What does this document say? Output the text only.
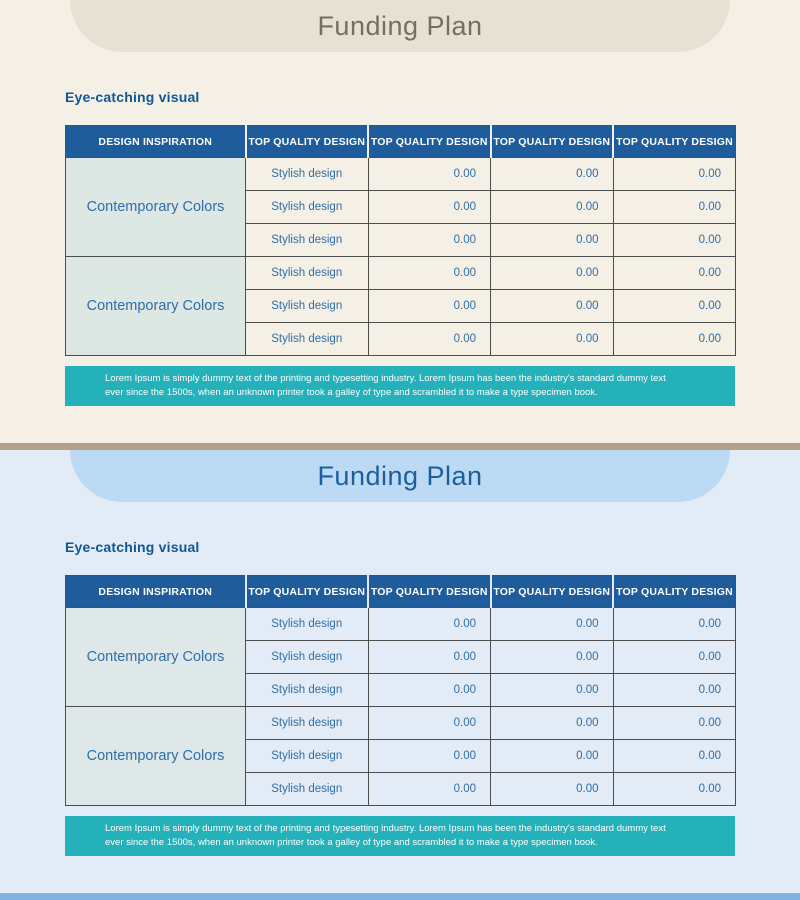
Funding Plan
Eye-catching visual
DESIGN INSPIRATION	TOP QUALITY DESIGN	TOP QUALITY DESIGN	TOP QUALITY DESIGN	TOP QUALITY DESIGN
Contemporary Colors	Stylish design	0.00	0.00	0.00
	Stylish design	0.00	0.00	0.00
	Stylish design	0.00	0.00	0.00
Contemporary Colors	Stylish design	0.00	0.00	0.00
	Stylish design	0.00	0.00	0.00
	Stylish design	0.00	0.00	0.00
Lorem Ipsum is simply dummy text of the printing and typesetting industry. Lorem Ipsum has been the industry's standard dummy text ever since the 1500s, when an unknown printer took a galley of type and scrambled it to make a type specimen book.
Funding Plan
Eye-catching visual
DESIGN INSPIRATION	TOP QUALITY DESIGN	TOP QUALITY DESIGN	TOP QUALITY DESIGN	TOP QUALITY DESIGN
Contemporary Colors	Stylish design	0.00	0.00	0.00
	Stylish design	0.00	0.00	0.00
	Stylish design	0.00	0.00	0.00
Contemporary Colors	Stylish design	0.00	0.00	0.00
	Stylish design	0.00	0.00	0.00
	Stylish design	0.00	0.00	0.00
Lorem Ipsum is simply dummy text of the printing and typesetting industry. Lorem Ipsum has been the industry's standard dummy text ever since the 1500s, when an unknown printer took a galley of type and scrambled it to make a type specimen book.
